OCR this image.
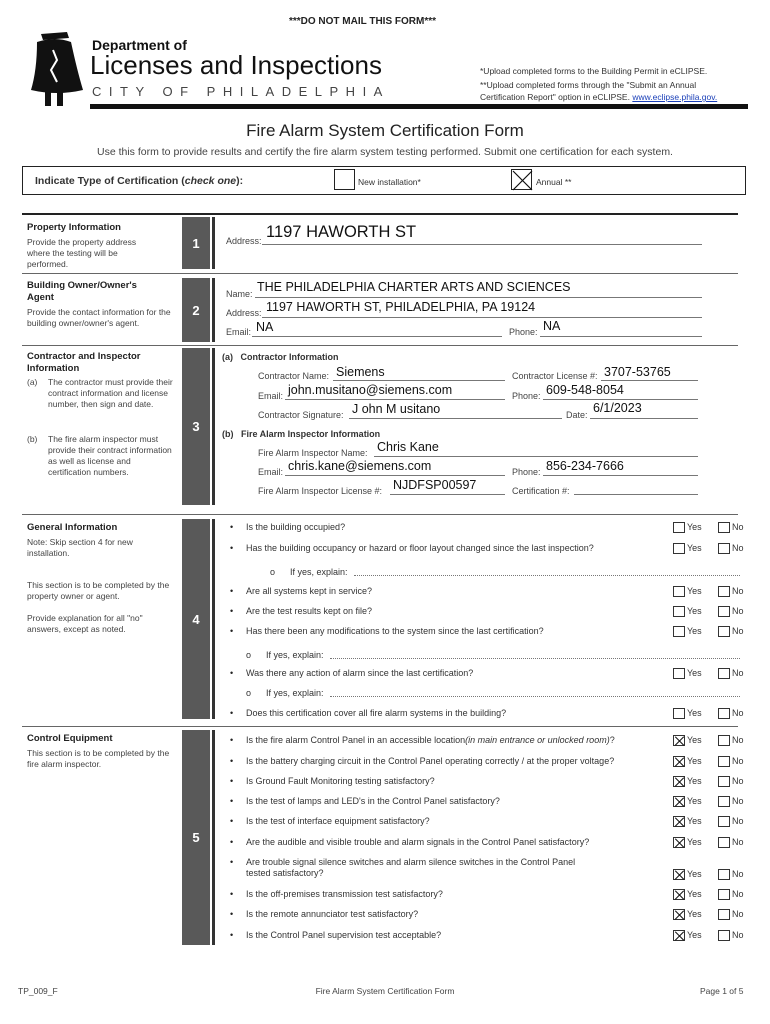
***DO NOT MAIL THIS FORM***
Department of
Licenses and Inspections
CITY OF PHILADELPHIA
*Upload completed forms to the Building Permit in eCLIPSE.
**Upload completed forms through the "Submit an Annual
Certification Report" option in eCLIPSE. www.eclipse.phila.gov.
Fire Alarm System Certification Form
Use this form to provide results and certify the fire alarm system testing performed. Submit one certification for each system.
Indicate Type of Certification (check one):	New installation*	Annual **
Property Information
Provide the property address where the testing will be performed.
1	Address: 1197 HAWORTH ST
Building Owner/Owner's
Agent
Provide the contact information for the building owner/owner's agent.
2
Name: THE PHILADELPHIA CHARTER ARTS AND SCIENCES
Address: 1197 HAWORTH ST, PHILADELPHIA, PA 19124
Email: NA	Phone: NA
Contractor and Inspector
Information
(a) The contractor must provide their contract information and license number, then sign and date.
(b) The fire alarm inspector must provide their contract information as well as license and certification numbers.
3
(a)   Contractor Information
Contractor Name: Siemens	Contractor License #: 3707-53765
Email: john.musitano@siemens.com	Phone: 609-548-8054
Contractor Signature: J ohn M usitano	Date: 6/1/2023
(b)   Fire Alarm Inspector Information
Fire Alarm Inspector Name: Chris Kane
Email: chris.kane@siemens.com	Phone: 856-234-7666
Fire Alarm Inspector License #: NJDFSP00597	Certification #:
General Information
Note: Skip section 4 for new installation.
This section is to be completed by the property owner or agent.
Provide explanation for all "no" answers, except as noted.
4
• Is the building occupied?	Yes	No
• Has the building occupancy or hazard or floor layout changed since the last inspection?	Yes	No
o      If yes, explain:
• Are all systems kept in service?	Yes	No
• Are the test results kept on file?	Yes	No
• Has there been any modifications to the system since the last certification?	Yes	No
o      If yes, explain:
• Was there any action of alarm since the last certification?	Yes	No
o      If yes, explain:
• Does this certification cover all fire alarm systems in the building?	Yes	No
Control Equipment
This section is to be completed by the fire alarm inspector.
5
• Is the fire alarm Control Panel in an accessible location(in main entrance or unlocked room)?	Yes	No
• Is the battery charging circuit in the Control Panel operating correctly / at the proper voltage?	Yes	No
• Is Ground Fault Monitoring testing satisfactory?	Yes	No
• Is the test of lamps and LED's in the Control Panel satisfactory?	Yes	No
• Is the test of interface equipment satisfactory?	Yes	No
• Are the audible and visible trouble and alarm signals in the Control Panel satisfactory?	Yes	No
• Are trouble signal silence switches and alarm silence switches in the Control Panel
tested satisfactory?	Yes	No
• Is the off-premises transmission test satisfactory?	Yes	No
• Is the remote annunciator test satisfactory?	Yes	No
• Is the Control Panel supervision test acceptable?	Yes	No
TP_009_F	Fire Alarm System Certification Form	Page 1 of 5
